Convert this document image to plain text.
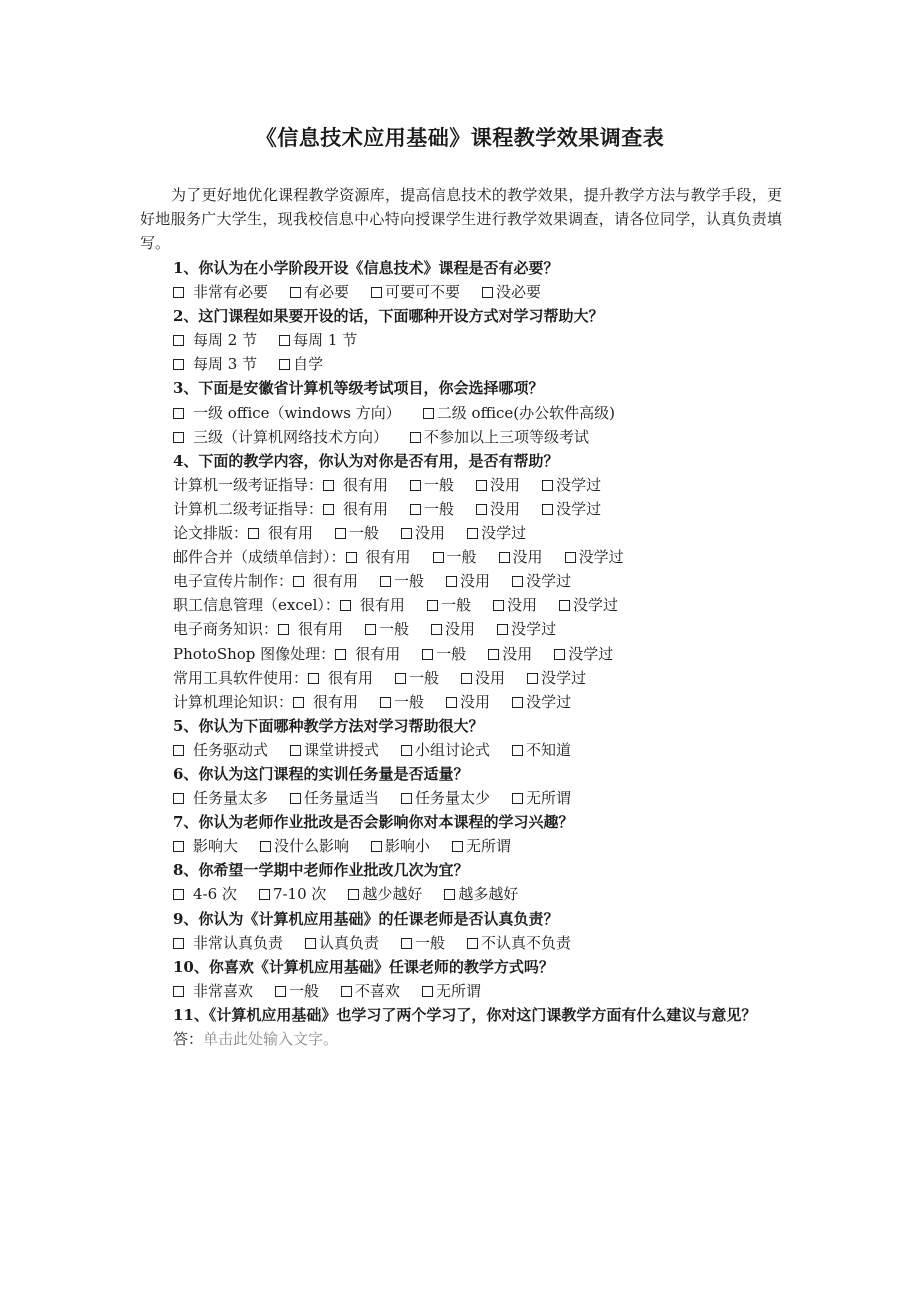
《信息技术应用基础》课程教学效果调查表
为了更好地优化课程教学资源库，提高信息技术的教学效果，提升教学方法与教学手段，更好地服务广大学生，现我校信息中心特向授课学生进行教学效果调查，请各位同学，认真负责填写。
1、你认为在小学阶段开设《信息技术》课程是否有必要？
非常有必要 有必要 可要可不要 没必要
2、这门课程如果要开设的话，下面哪种开设方式对学习帮助大？
每周 2 节 每周 1 节
每周 3 节 自学
3、下面是安徽省计算机等级考试项目，你会选择哪项？
一级 office（windows 方向） 二级 office(办公软件高级)
三级（计算机网络技术方向） 不参加以上三项等级考试
4、下面的教学内容，你认为对你是否有用，是否有帮助？
计算机一级考证指导： 很有用 一般 没用 没学过
计算机二级考证指导： 很有用 一般 没用 没学过
论文排版： 很有用 一般 没用 没学过
邮件合并（成绩单信封）： 很有用 一般 没用 没学过
电子宣传片制作： 很有用 一般 没用 没学过
职工信息管理（excel）： 很有用 一般 没用 没学过
电子商务知识： 很有用 一般 没用 没学过
PhotoShop 图像处理： 很有用 一般 没用 没学过
常用工具软件使用： 很有用 一般 没用 没学过
计算机理论知识： 很有用 一般 没用 没学过
5、你认为下面哪种教学方法对学习帮助很大？
任务驱动式 课堂讲授式 小组讨论式 不知道
6、你认为这门课程的实训任务量是否适量？
任务量太多 任务量适当 任务量太少 无所谓
7、你认为老师作业批改是否会影响你对本课程的学习兴趣？
影响大 没什么影响 影响小 无所谓
8、你希望一学期中老师作业批改几次为宜？
4-6 次 7-10 次 越少越好 越多越好
9、你认为《计算机应用基础》的任课老师是否认真负责？
非常认真负责 认真负责 一般 不认真不负责
10、你喜欢《计算机应用基础》任课老师的教学方式吗？
非常喜欢 一般 不喜欢 无所谓
11、《计算机应用基础》也学习了两个学习了，你对这门课教学方面有什么建议与意见？
答：单击此处输入文字。
